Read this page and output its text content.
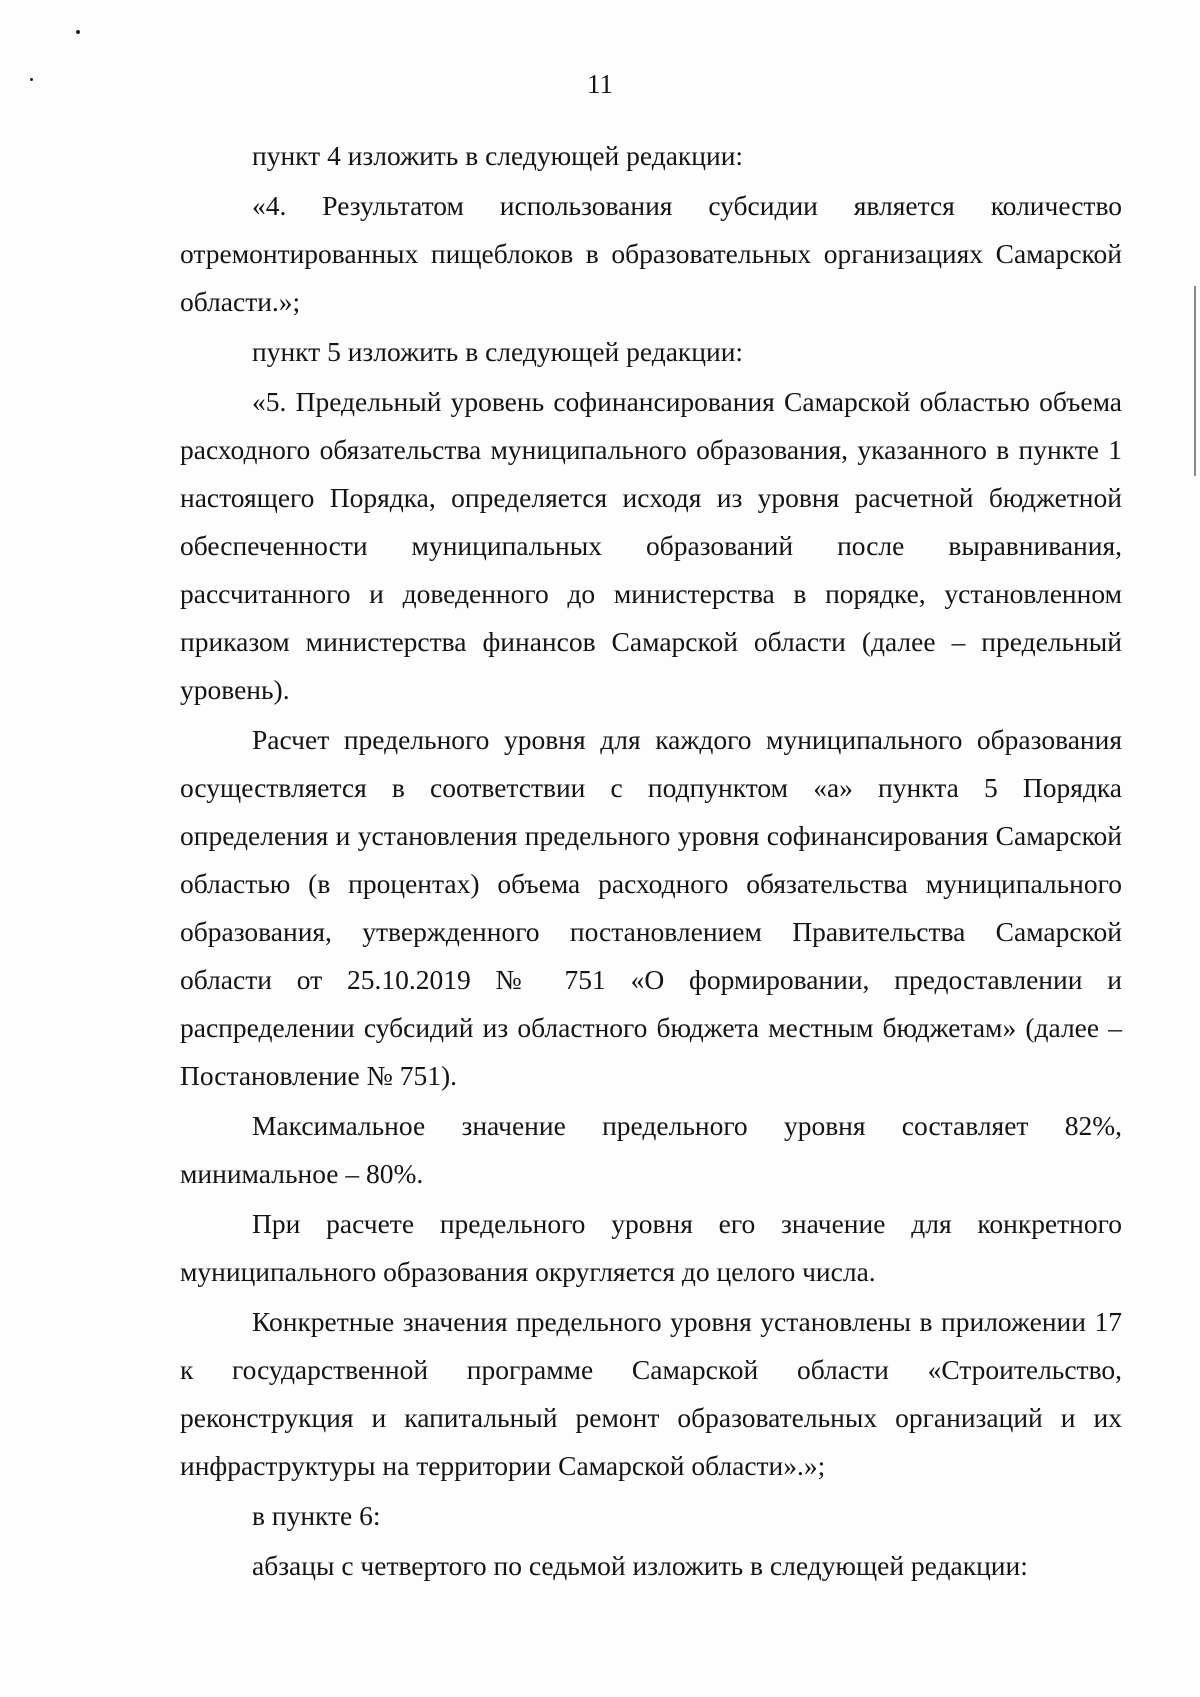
11

пункт 4 изложить в следующей редакции:

«4. Результатом использования субсидии является количество отремонтированных пищеблоков в образовательных организациях Самарской области.»;

пункт 5 изложить в следующей редакции:

«5. Предельный уровень софинансирования Самарской областью объема расходного обязательства муниципального образования, указанного в пункте 1 настоящего Порядка, определяется исходя из уровня расчетной бюджетной обеспеченности муниципальных образований после выравнивания, рассчитанного и доведенного до министерства в порядке, установленном приказом министерства финансов Самарской области (далее – предельный уровень).

Расчет предельного уровня для каждого муниципального образования осуществляется в соответствии с подпунктом «а» пункта 5 Порядка определения и установления предельного уровня софинансирования Самарской областью (в процентах) объема расходного обязательства муниципального образования, утвержденного постановлением Правительства Самарской области от 25.10.2019 № 751 «О формировании, предоставлении и распределении субсидий из областного бюджета местным бюджетам» (далее – Постановление № 751).

Максимальное значение предельного уровня составляет 82%, минимальное – 80%.

При расчете предельного уровня его значение для конкретного муниципального образования округляется до целого числа.

Конкретные значения предельного уровня установлены в приложении 17 к государственной программе Самарской области «Строительство, реконструкция и капитальный ремонт образовательных организаций и их инфраструктуры на территории Самарской области».»;

в пункте 6:

абзацы с четвертого по седьмой изложить в следующей редакции:
